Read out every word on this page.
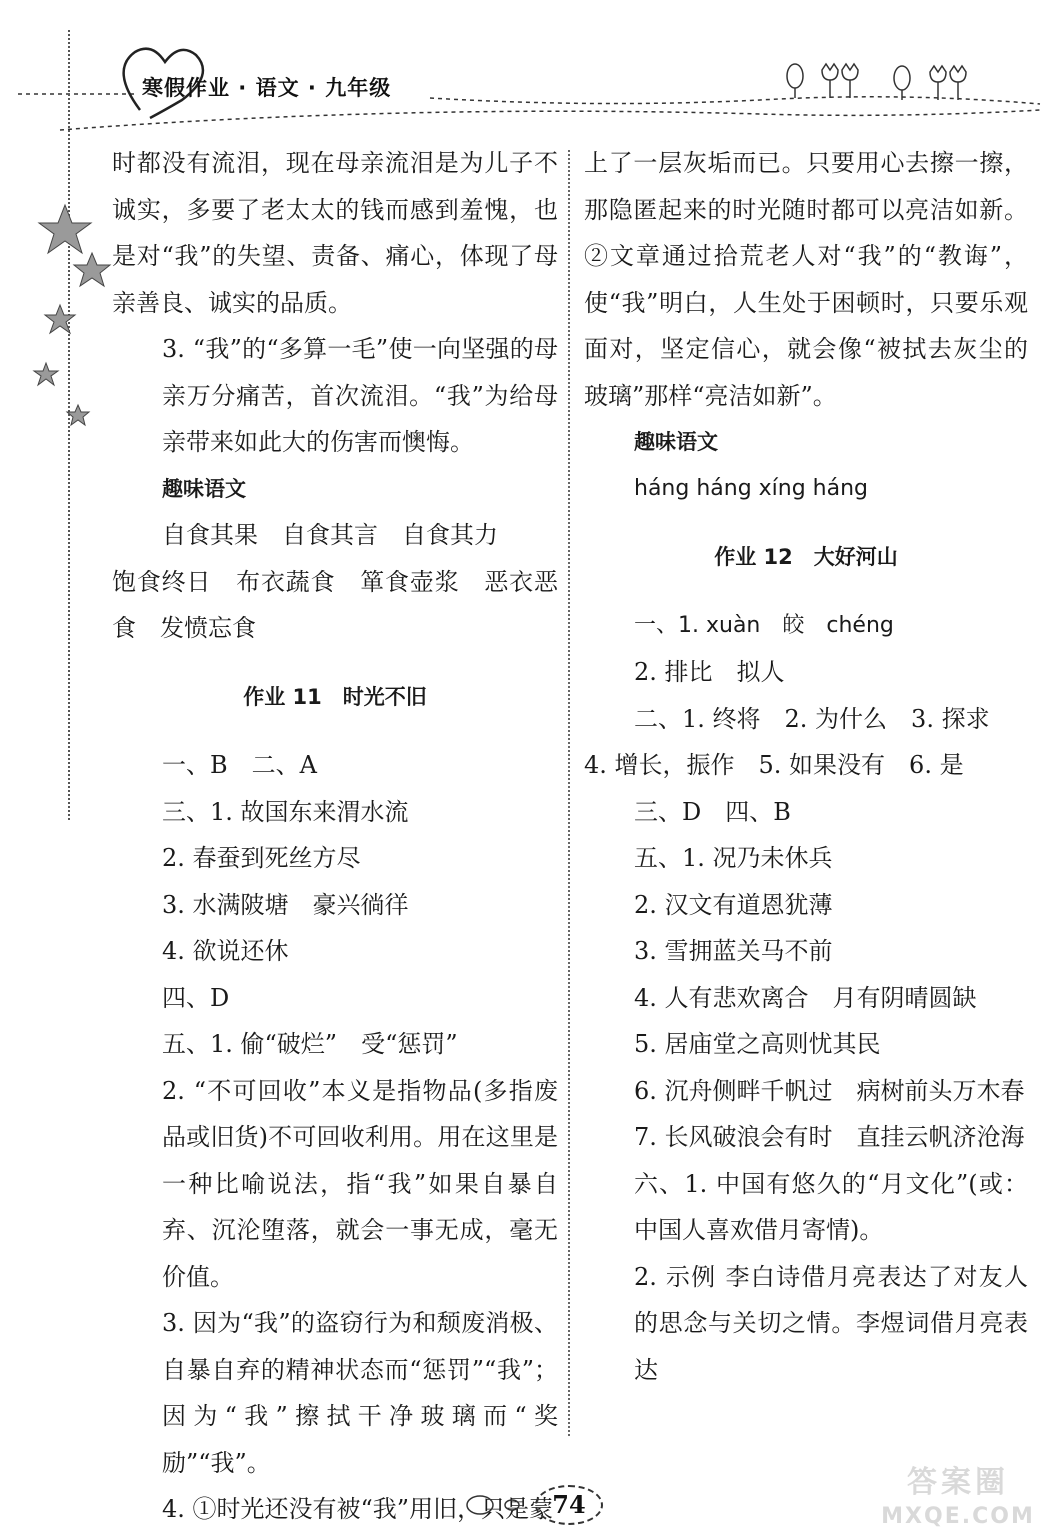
寒假作业 · 语文 · 九年级

时都没有流泪，现在母亲流泪是为儿子不诚实，多要了老太太的钱而感到羞愧，也是对“我”的失望、责备、痛心，体现了母亲善良、诚实的品质。

3. “我”的“多算一毛”使一向坚强的母亲万分痛苦，首次流泪。“我”为给母亲带来如此大的伤害而懊悔。

趣味语文

自食其果　自食其言　自食其力

饱食终日　布衣蔬食　箪食壶浆　恶衣恶食　发愤忘食

作业 11　时光不旧

一、B　二、A

三、1. 故国东来渭水流

2. 春蚕到死丝方尽

3. 水满陂塘　豪兴徜徉

4. 欲说还休

四、D

五、1. 偷“破烂”　受“惩罚”

2. “不可回收”本义是指物品(多指废品或旧货)不可回收利用。用在这里是一种比喻说法，指“我”如果自暴自弃、沉沦堕落，就会一事无成，毫无价值。

3. 因为“我”的盗窃行为和颓废消极、自暴自弃的精神状态而“惩罚”“我”；因为“我”擦拭干净玻璃而“奖励”“我”。

4. ①时光还没有被“我”用旧，只是蒙

上了一层灰垢而已。只要用心去擦一擦，那隐匿起来的时光随时都可以亮洁如新。②文章通过拾荒老人对“我”的“教诲”，使“我”明白，人生处于困顿时，只要乐观面对，坚定信心，就会像“被拭去灰尘的玻璃”那样“亮洁如新”。

趣味语文

háng háng xíng háng

作业 12　大好河山

一、1. xuàn　皎　chéng

2. 排比　拟人

二、1. 终将　2. 为什么　3. 探求

4. 增长，振作　5. 如果没有　6. 是

三、D　四、B

五、1. 况乃未休兵

2. 汉文有道恩犹薄

3. 雪拥蓝关马不前

4. 人有悲欢离合　月有阴晴圆缺

5. 居庙堂之高则忧其民

6. 沉舟侧畔千帆过　病树前头万木春

7. 长风破浪会有时　直挂云帆济沧海

六、1. 中国有悠久的“月文化”(或：中国人喜欢借月寄情)。

2. 示例 李白诗借月亮表达了对友人的思念与关切之情。李煜词借月亮表达

74
答案圈
MXQE.COM
